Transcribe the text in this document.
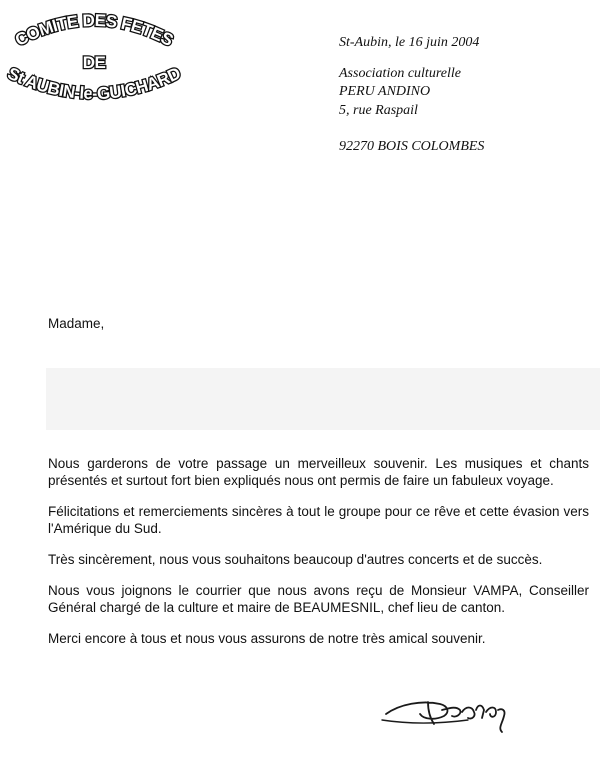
COMITE DES FETES
DE
St AUBIN-le-GUICHARD
St-Aubin, le 16 juin 2004
Association culturelle
PERU ANDINO
5, rue Raspail
92270 BOIS COLOMBES
Madame,

Nous garderons de votre passage un merveilleux souvenir. Les musiques et chants présentés et surtout fort bien expliqués nous ont permis de faire un fabuleux voyage.

Félicitations et remerciements sincères à tout le groupe pour ce rêve et cette évasion vers l'Amérique du Sud.

Très sincèrement, nous vous souhaitons beaucoup d'autres concerts et de succès.

Nous vous joignons le courrier que nous avons reçu de Monsieur VAMPA, Conseiller Général chargé de la culture et maire de BEAUMESNIL, chef lieu de canton.

Merci encore à tous et nous vous assurons de notre très amical souvenir.
